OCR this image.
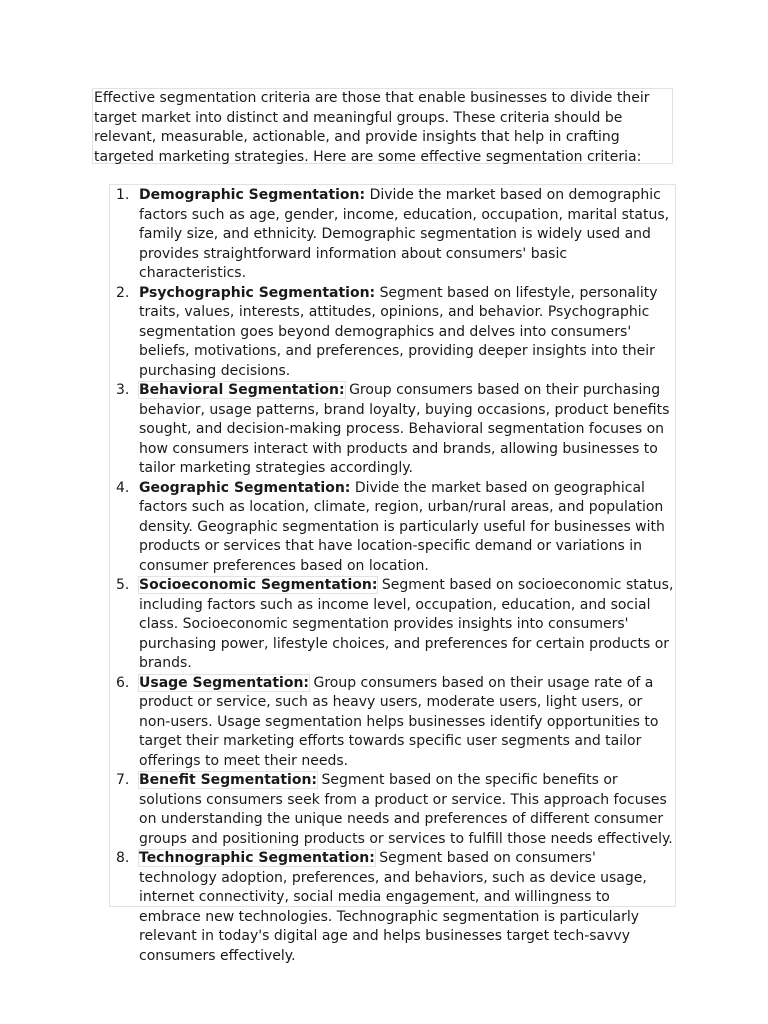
Effective segmentation criteria are those that enable businesses to divide their target market into distinct and meaningful groups. These criteria should be relevant, measurable, actionable, and provide insights that help in crafting targeted marketing strategies. Here are some effective segmentation criteria:

1. Demographic Segmentation: Divide the market based on demographic factors such as age, gender, income, education, occupation, marital status, family size, and ethnicity. Demographic segmentation is widely used and provides straightforward information about consumers' basic characteristics.
2. Psychographic Segmentation: Segment based on lifestyle, personality traits, values, interests, attitudes, opinions, and behavior. Psychographic segmentation goes beyond demographics and delves into consumers' beliefs, motivations, and preferences, providing deeper insights into their purchasing decisions.
3. Behavioral Segmentation: Group consumers based on their purchasing behavior, usage patterns, brand loyalty, buying occasions, product benefits sought, and decision-making process. Behavioral segmentation focuses on how consumers interact with products and brands, allowing businesses to tailor marketing strategies accordingly.
4. Geographic Segmentation: Divide the market based on geographical factors such as location, climate, region, urban/rural areas, and population density. Geographic segmentation is particularly useful for businesses with products or services that have location-specific demand or variations in consumer preferences based on location.
5. Socioeconomic Segmentation: Segment based on socioeconomic status, including factors such as income level, occupation, education, and social class. Socioeconomic segmentation provides insights into consumers' purchasing power, lifestyle choices, and preferences for certain products or brands.
6. Usage Segmentation: Group consumers based on their usage rate of a product or service, such as heavy users, moderate users, light users, or non-users. Usage segmentation helps businesses identify opportunities to target their marketing efforts towards specific user segments and tailor offerings to meet their needs.
7. Benefit Segmentation: Segment based on the specific benefits or solutions consumers seek from a product or service. This approach focuses on understanding the unique needs and preferences of different consumer groups and positioning products or services to fulfill those needs effectively.
8. Technographic Segmentation: Segment based on consumers' technology adoption, preferences, and behaviors, such as device usage, internet connectivity, social media engagement, and willingness to embrace new technologies. Technographic segmentation is particularly relevant in today's digital age and helps businesses target tech-savvy consumers effectively.
